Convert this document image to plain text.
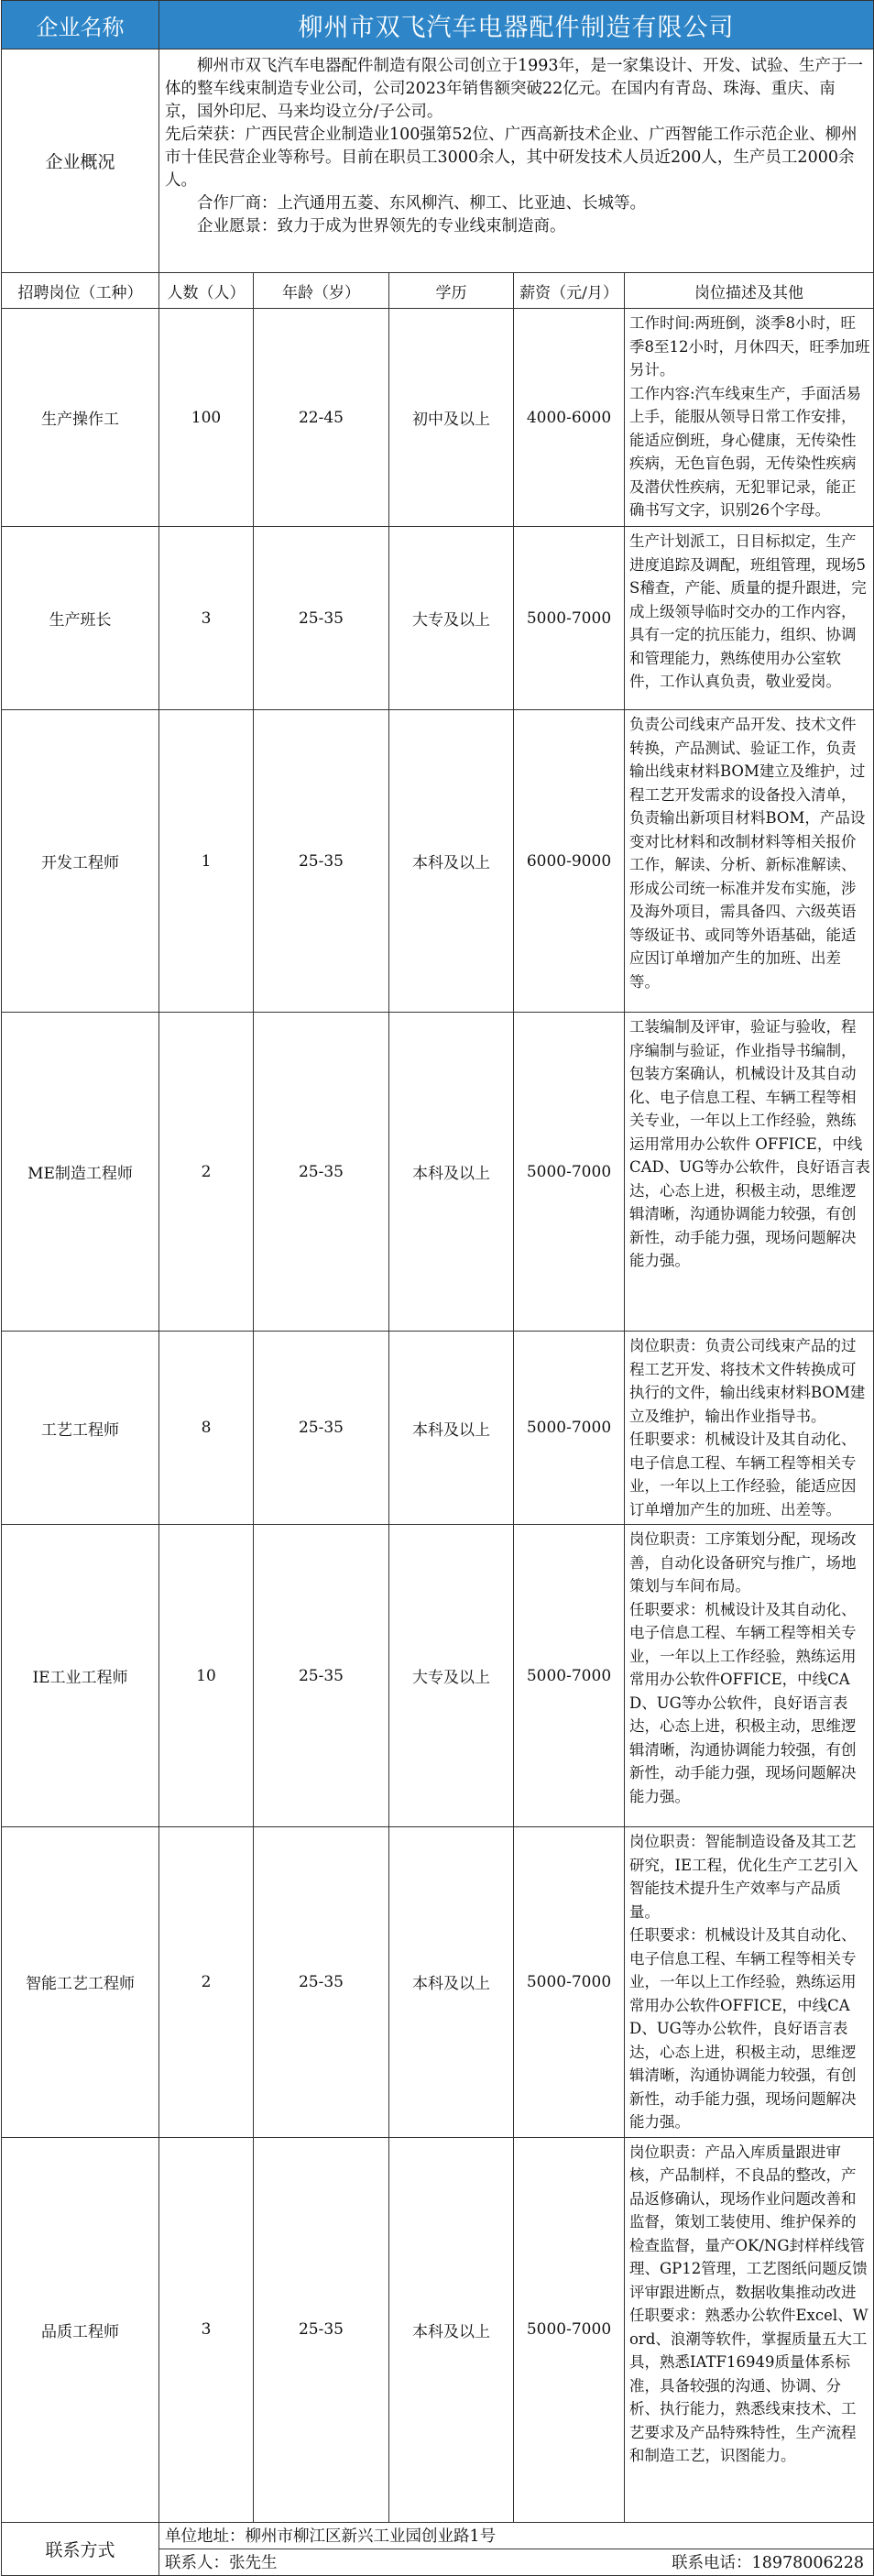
企业名称	柳州市双飞汽车电器配件制造有限公司				
企业概况	柳州市双飞汽车电器配件制造有限公司创立于1993年，是一家集设计、开发、试验、生产于一体的整车线束制造专业公司，公司2023年销售额突破22亿元。在国内有青岛、珠海、重庆、南京，国外印尼、马来均设立分/子公司。

先后荣获：广西民营企业制造业100强第52位、广西高新技术企业、广西智能工作示范企业、柳州市十佳民营企业等称号。目前在职员工3000余人，其中研发技术人员近200人，生产员工2000余人。

合作厂商：上汽通用五菱、东风柳汽、柳工、比亚迪、长城等。

企业愿景：致力于成为世界领先的专业线束制造商。				

招聘岗位（工种）	人数（人）	年龄（岁）	学历	薪资（元/月）	岗位描述及其他
生产操作工	100	22-45	初中及以上	4000-6000	工作时间:两班倒，淡季8小时，旺季8至12小时，月休四天，旺季加班另计。
工作内容:汽车线束生产，手面活易上手，能服从领导日常工作安排，能适应倒班，身心健康，无传染性疾病，无色盲色弱，无传染性疾病及潜伏性疾病，无犯罪记录，能正确书写文字，识别26个字母。
生产班长	3	25-35	大专及以上	5000-7000	生产计划派工，日目标拟定，生产进度追踪及调配，班组管理，现场5S稽查，产能、质量的提升跟进，完成上级领导临时交办的工作内容，具有一定的抗压能力，组织、协调和管理能力，熟练使用办公室软件，工作认真负责，敬业爱岗。
开发工程师	1	25-35	本科及以上	6000-9000	负责公司线束产品开发、技术文件转换，产品测试、验证工作，负责输出线束材料BOM建立及维护，过程工艺开发需求的设备投入清单，负责输出新项目材料BOM，产品设变对比材料和改制材料等相关报价工作，解读、分析、新标准解读、形成公司统一标准并发布实施，涉及海外项目，需具备四、六级英语等级证书、或同等外语基础，能适应因订单增加产生的加班、出差等。
ME制造工程师	2	25-35	本科及以上	5000-7000	工装编制及评审，验证与验收，程序编制与验证，作业指导书编制，包装方案确认，机械设计及其自动化、电子信息工程、车辆工程等相关专业，一年以上工作经验，熟练运用常用办公软件 OFFICE，中线CAD、UG等办公软件，良好语言表达，心态上进，积极主动，思维逻辑清晰，沟通协调能力较强，有创新性，动手能力强，现场问题解决能力强。
工艺工程师	8	25-35	本科及以上	5000-7000	岗位职责：负责公司线束产品的过程工艺开发、将技术文件转换成可执行的文件，输出线束材料BOM建立及维护，输出作业指导书。
任职要求：机械设计及其自动化、电子信息工程、车辆工程等相关专业，一年以上工作经验，能适应因订单增加产生的加班、出差等。
IE工业工程师	10	25-35	大专及以上	5000-7000	岗位职责：工序策划分配，现场改善，自动化设备研究与推广，场地策划与车间布局。
任职要求：机械设计及其自动化、电子信息工程、车辆工程等相关专业，一年以上工作经验，熟练运用常用办公软件OFFICE，中线CAD、UG等办公软件，良好语言表达，心态上进，积极主动，思维逻辑清晰，沟通协调能力较强，有创新性，动手能力强，现场问题解决能力强。
智能工艺工程师	2	25-35	本科及以上	5000-7000	岗位职责：智能制造设备及其工艺研究，IE工程，优化生产工艺引入智能技术提升生产效率与产品质量。
任职要求：机械设计及其自动化、电子信息工程、车辆工程等相关专业，一年以上工作经验，熟练运用常用办公软件OFFICE，中线CAD、UG等办公软件，良好语言表达，心态上进，积极主动，思维逻辑清晰，沟通协调能力较强，有创新性，动手能力强，现场问题解决能力强。
品质工程师	3	25-35	本科及以上	5000-7000	岗位职责：产品入库质量跟进审核，产品制样，不良品的整改，产品返修确认，现场作业问题改善和监督，策划工装使用、维护保养的检查监督，量产OK/NG封样样线管理、GP12管理，工艺图纸问题反馈评审跟进断点，数据收集推动改进任职要求：熟悉办公软件Excel、Word、浪潮等软件，掌握质量五大工具，熟悉IATF16949质量体系标准，具备较强的沟通、协调、分析、执行能力，熟悉线束技术、工艺要求及产品特殊特性，生产流程和制造工艺，识图能力。
联系方式	单位地址：柳州市柳江区新兴工业园创业路1号				
	联系人：张先生 联系电话：18978006228				
